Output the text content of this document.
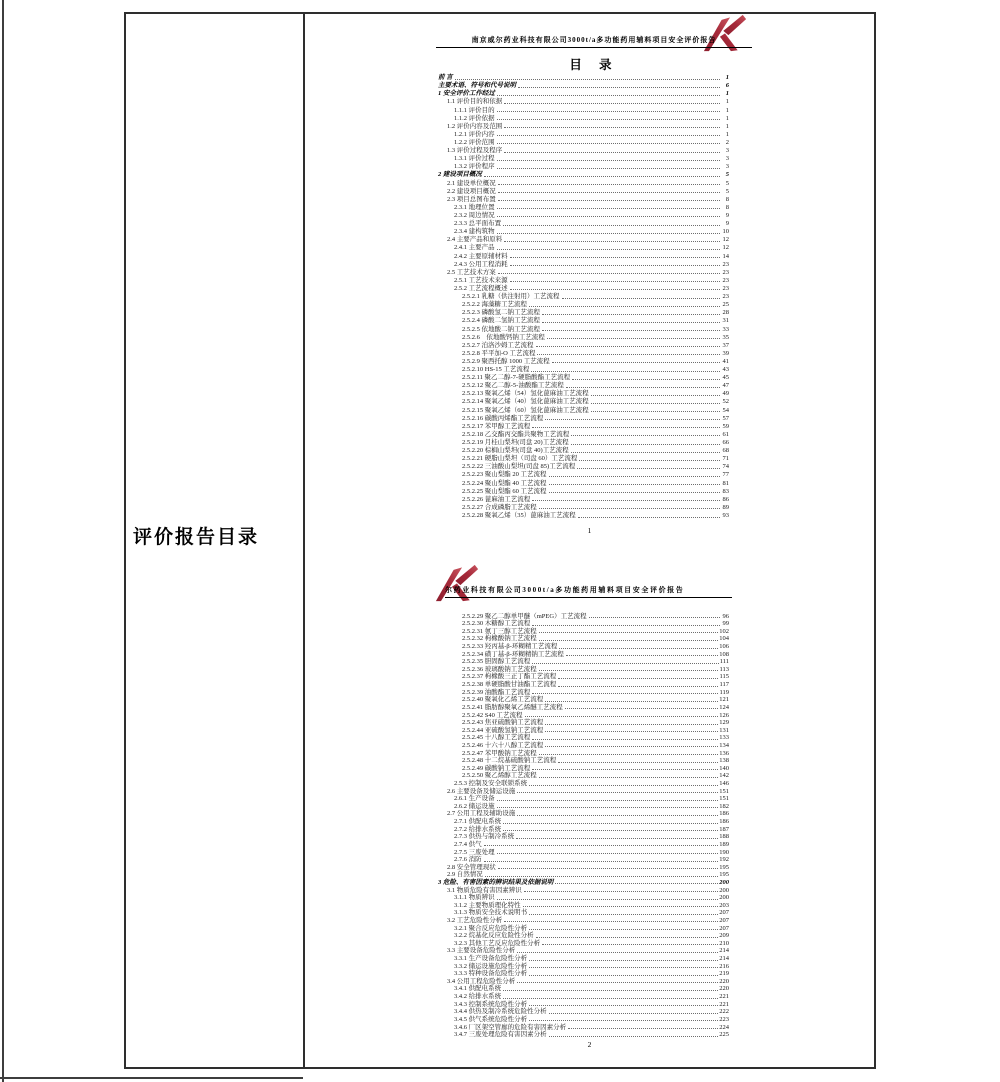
评价报告目录
南京威尔药业科技有限公司3000t/a多功能药用辅料项目安全评价报告
目 录
前 言	1
主要术语、符号和代号说明	6
1 安全评价工作经过	1
1.1 评价目的和依据	1
1.1.1 评价目的	1
1.1.2 评价依据	1
1.2 评价内容及范围	1
1.2.1 评价内容	1
1.2.2 评价范围	2
1.3 评价过程及程序	3
1.3.1 评价过程	3
1.3.2 评价程序	3
2 建设项目概况	5
2.1 建设单位概况	5
2.2 建设项目概况	5
2.3 项目总图布置	8
2.3.1 地理位置	8
2.3.2 周边情况	9
2.3.3 总平面布置	9
2.3.4 建构筑物	10
2.4 主要产品和原料	12
2.4.1 主要产品	12
2.4.2 主要原辅材料	14
2.4.3 公用工程消耗	23
2.5 工艺技术方案	23
2.5.1 工艺技术来源	23
2.5.2 工艺流程概述	23
2.5.2.1 乳糖（供注射用）工艺流程	23
2.5.2.2 海藻糖工艺流程	25
2.5.2.3 磷酸氢二钠工艺流程	28
2.5.2.4 磷酸二氢钠工艺流程	31
2.5.2.5 依地酸二钠工艺流程	33
2.5.2.6　依地酸钙钠工艺流程	35
2.5.2.7 泊洛沙姆工艺流程	37
2.5.2.8 平平加-O 工艺流程	39
2.5.2.9 聚西托醇 1000 工艺流程	41
2.5.2.10 HS-15 工艺流程	43
2.5.2.11 聚乙二醇-7-硬脂酸酯工艺流程	45
2.5.2.12 聚乙二醇-5-油酸酯工艺流程	47
2.5.2.13 聚氧乙烯（54）氢化蓖麻油工艺流程	49
2.5.2.14 聚氧乙烯（40）氢化蓖麻油工艺流程	52
2.5.2.15 聚氧乙烯（60）氢化蓖麻油工艺流程	54
2.5.2.16 碳酸丙烯酯工艺流程	57
2.5.2.17 苯甲醇工艺流程	59
2.5.2.18 乙交酯丙交酯共聚物工艺流程	61
2.5.2.19 月桂山梨坦(司盘 20)工艺流程	66
2.5.2.20 棕榈山梨坦(司盘 40)工艺流程	68
2.5.2.21 硬脂山梨坦（司盘 60）工艺流程	71
2.5.2.22 三油酸山梨坦(司盘 85)工艺流程	74
2.5.2.23 聚山梨酯 20 工艺流程	77
2.5.2.24 聚山梨酯 40 工艺流程	81
2.5.2.25 聚山梨酯 60 工艺流程	83
2.5.2.26 蓖麻油工艺流程	86
2.5.2.27 合成磷脂工艺流程	89
2.5.2.28 聚氧乙烯（35）蓖麻油工艺流程	93
1
尔药业科技有限公司3000t/a多功能药用辅料项目安全评价报告
2.5.2.29 聚乙二醇单甲醚（mPEG）工艺流程	96
2.5.2.30 木糖醇工艺流程	99
2.5.2.31 氨丁三醇工艺流程	102
2.5.2.32 枸橼酸钠工艺流程	104
2.5.2.33 羟丙基-β-环糊精工艺流程	106
2.5.2.34 磺丁基-β-环糊精钠工艺流程	108
2.5.2.35 胆固醇工艺流程	111
2.5.2.36 玻璃酸钠工艺流程	113
2.5.2.37 枸橼酸三正丁酯工艺流程	115
2.5.2.38 单硬脂酸甘油酯工艺流程	117
2.5.2.39 油酸酯工艺流程	119
2.5.2.40 聚氧化乙烯工艺流程	121
2.5.2.41 脂肪醇聚氧乙烯醚工艺流程	124
2.5.2.42 S40 工艺流程	126
2.5.2.43 焦亚硫酸钠工艺流程	129
2.5.2.44 亚硫酸氢钠工艺流程	131
2.5.2.45 十八醇工艺流程	133
2.5.2.46 十六十八醇工艺流程	134
2.5.2.47 苯甲酸钠工艺流程	136
2.5.2.48 十二烷基硫酸钠工艺流程	138
2.5.2.49 碳酸钠工艺流程	140
2.5.2.50 聚乙烯醇工艺流程	142
2.5.3 控制及安全联锁系统	146
2.6 主要设备及储运设施	151
2.6.1 生产设备	151
2.6.2 储运设施	182
2.7 公用工程及辅助设施	186
2.7.1 供配电系统	186
2.7.2 给排水系统	187
2.7.3 供热与制冷系统	188
2.7.4 供气	189
2.7.5 三废处理	190
2.7.6 消防	192
2.8 安全管理现状	195
2.9 自然情况	195
3 危险、有害因素的辨识结果及依据说明	200
3.1 物质危险有害因素辨识	200
3.1.1 物质辨识	200
3.1.2 主要物质理化特性	203
3.1.3 物质安全技术说明书	207
3.2 工艺危险性分析	207
3.2.1 聚合反应危险性分析	207
3.2.2 烷基化反应危险性分析	209
3.2.3 其他工艺反应危险性分析	210
3.3 主要设备危险性分析	214
3.3.1 生产设备危险性分析	214
3.3.2 储运设施危险性分析	216
3.3.3 特种设备危险性分析	219
3.4 公用工程危险性分析	220
3.4.1 供配电系统	220
3.4.2 给排水系统	221
3.4.3 控制系统危险性分析	221
3.4.4 供热及制冷系统危险性分析	222
3.4.5 供气系统危险性分析	223
3.4.6 厂区架空管廊的危险有害因素分析	224
3.4.7 三废处理危险有害因素分析	225
2
